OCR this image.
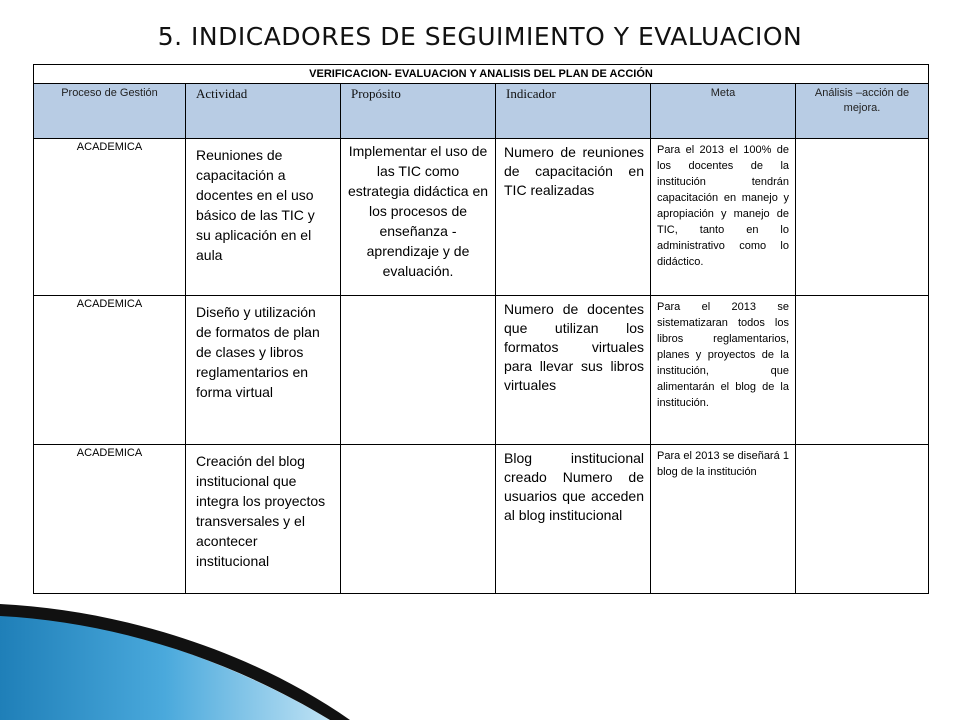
5. INDICADORES DE SEGUIMIENTO Y EVALUACION
VERIFICACION- EVALUACION Y ANALISIS DEL PLAN DE ACCIÓN					
Proceso de Gestión	Actividad	Propósito	Indicador	Meta	Análisis –acción de mejora.
ACADEMICA	Reuniones de capacitación a docentes en el uso básico de las TIC y su aplicación en el aula	Implementar el uso de las TIC como estrategia didáctica en los procesos de enseñanza - aprendizaje y de evaluación.	Numero de reuniones de capacitación en TIC realizadas	Para el 2013 el 100% de los docentes de la institución tendrán capacitación en manejo y apropiación y manejo de TIC, tanto en lo administrativo como lo didáctico.	
ACADEMICA	Diseño y utilización de formatos de plan de clases y libros reglamentarios en forma virtual		Numero de docentes que utilizan los formatos virtuales para llevar sus libros virtuales	Para el 2013 se sistematizaran todos los libros reglamentarios, planes y proyectos de la institución, que alimentarán el blog de la institución.	
ACADEMICA	Creación del blog institucional que integra los proyectos transversales y el acontecer institucional		Blog institucional creado Numero de usuarios que acceden al blog institucional	Para el 2013 se diseñará 1 blog de la institución	
